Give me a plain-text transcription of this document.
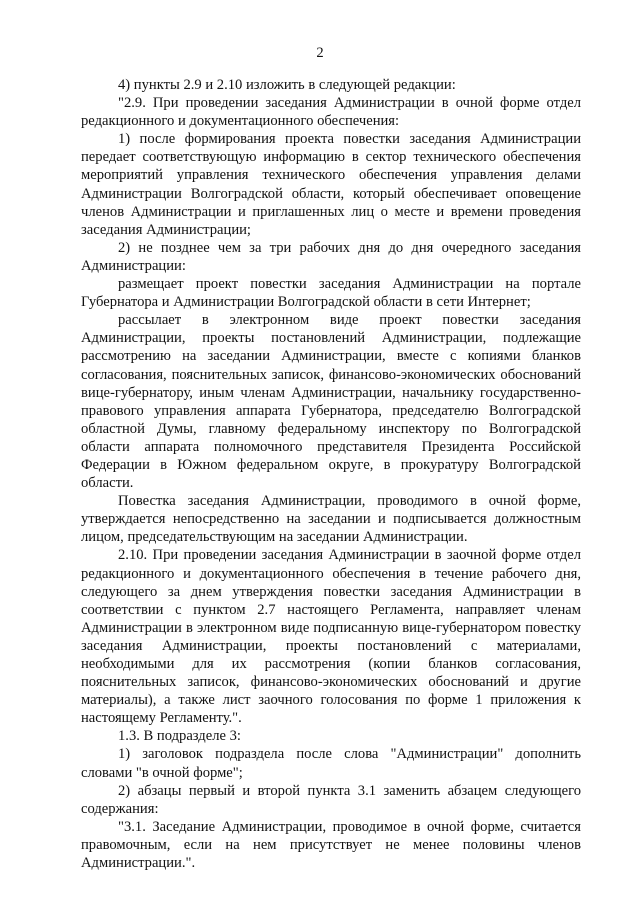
2

4) пункты 2.9 и 2.10 изложить в следующей редакции:

"2.9. При проведении заседания Администрации в очной форме отдел редакционного и документационного обеспечения:

1) после формирования проекта повестки заседания Администрации передает соответствующую информацию в сектор технического обеспечения мероприятий управления технического обеспечения управления делами Администрации Волгоградской области, который обеспечивает оповещение членов Администрации и приглашенных лиц о месте и времени проведения заседания Администрации;

2) не позднее чем за три рабочих дня до дня очередного заседания Администрации:

размещает проект повестки заседания Администрации на портале Губернатора и Администрации Волгоградской области в сети Интернет;

рассылает в электронном виде проект повестки заседания Администрации, проекты постановлений Администрации, подлежащие рассмотрению на заседании Администрации, вместе с копиями бланков согласования, пояснительных записок, финансово-экономических обоснований вице-губернатору, иным членам Администрации, начальнику государственно-правового управления аппарата Губернатора, председателю Волгоградской областной Думы, главному федеральному инспектору по Волгоградской области аппарата полномочного представителя Президента Российской Федерации в Южном федеральном округе, в прокуратуру Волгоградской области.

Повестка заседания Администрации, проводимого в очной форме, утверждается непосредственно на заседании и подписывается должностным лицом, председательствующим на заседании Администрации.

2.10. При проведении заседания Администрации в заочной форме отдел редакционного и документационного обеспечения в течение рабочего дня, следующего за днем утверждения повестки заседания Администрации в соответствии с пунктом 2.7 настоящего Регламента, направляет членам Администрации в электронном виде подписанную вице-губернатором повестку заседания Администрации, проекты постановлений с материалами, необходимыми для их рассмотрения (копии бланков согласования, пояснительных записок, финансово-экономических обоснований и другие материалы), а также лист заочного голосования по форме 1 приложения к настоящему Регламенту.".

1.3. В подразделе 3:

1) заголовок подраздела после слова "Администрации" дополнить словами "в очной форме";

2) абзацы первый и второй пункта 3.1 заменить абзацем следующего содержания:

"3.1. Заседание Администрации, проводимое в очной форме, считается правомочным, если на нем присутствует не менее половины членов Администрации.".
